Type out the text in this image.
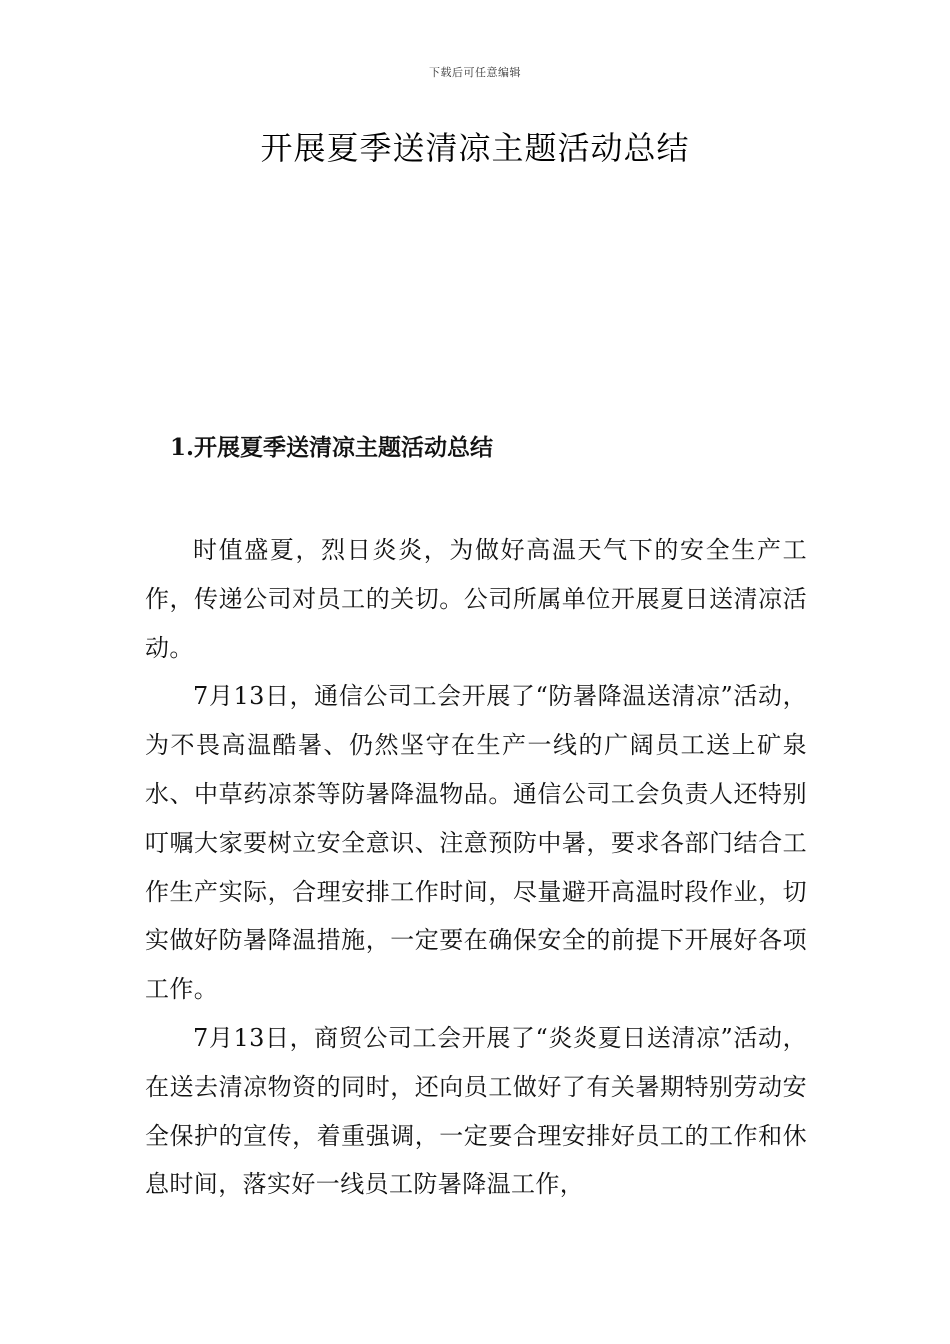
下载后可任意编辑
开展夏季送清凉主题活动总结
1.开展夏季送清凉主题活动总结

时值盛夏，烈日炎炎，为做好高温天气下的安全生产工作，传递公司对员工的关切。公司所属单位开展夏日送清凉活动。

7月13日，通信公司工会开展了“防暑降温送清凉”活动，为不畏高温酷暑、仍然坚守在生产一线的广阔员工送上矿泉水、中草药凉茶等防暑降温物品。通信公司工会负责人还特别叮嘱大家要树立安全意识、注意预防中暑，要求各部门结合工作生产实际，合理安排工作时间，尽量避开高温时段作业，切实做好防暑降温措施，一定要在确保安全的前提下开展好各项工作。

7月13日，商贸公司工会开展了“炎炎夏日送清凉”活动，在送去清凉物资的同时，还向员工做好了有关暑期特别劳动安全保护的宣传，着重强调，一定要合理安排好员工的工作和休息时间，落实好一线员工防暑降温工作，
